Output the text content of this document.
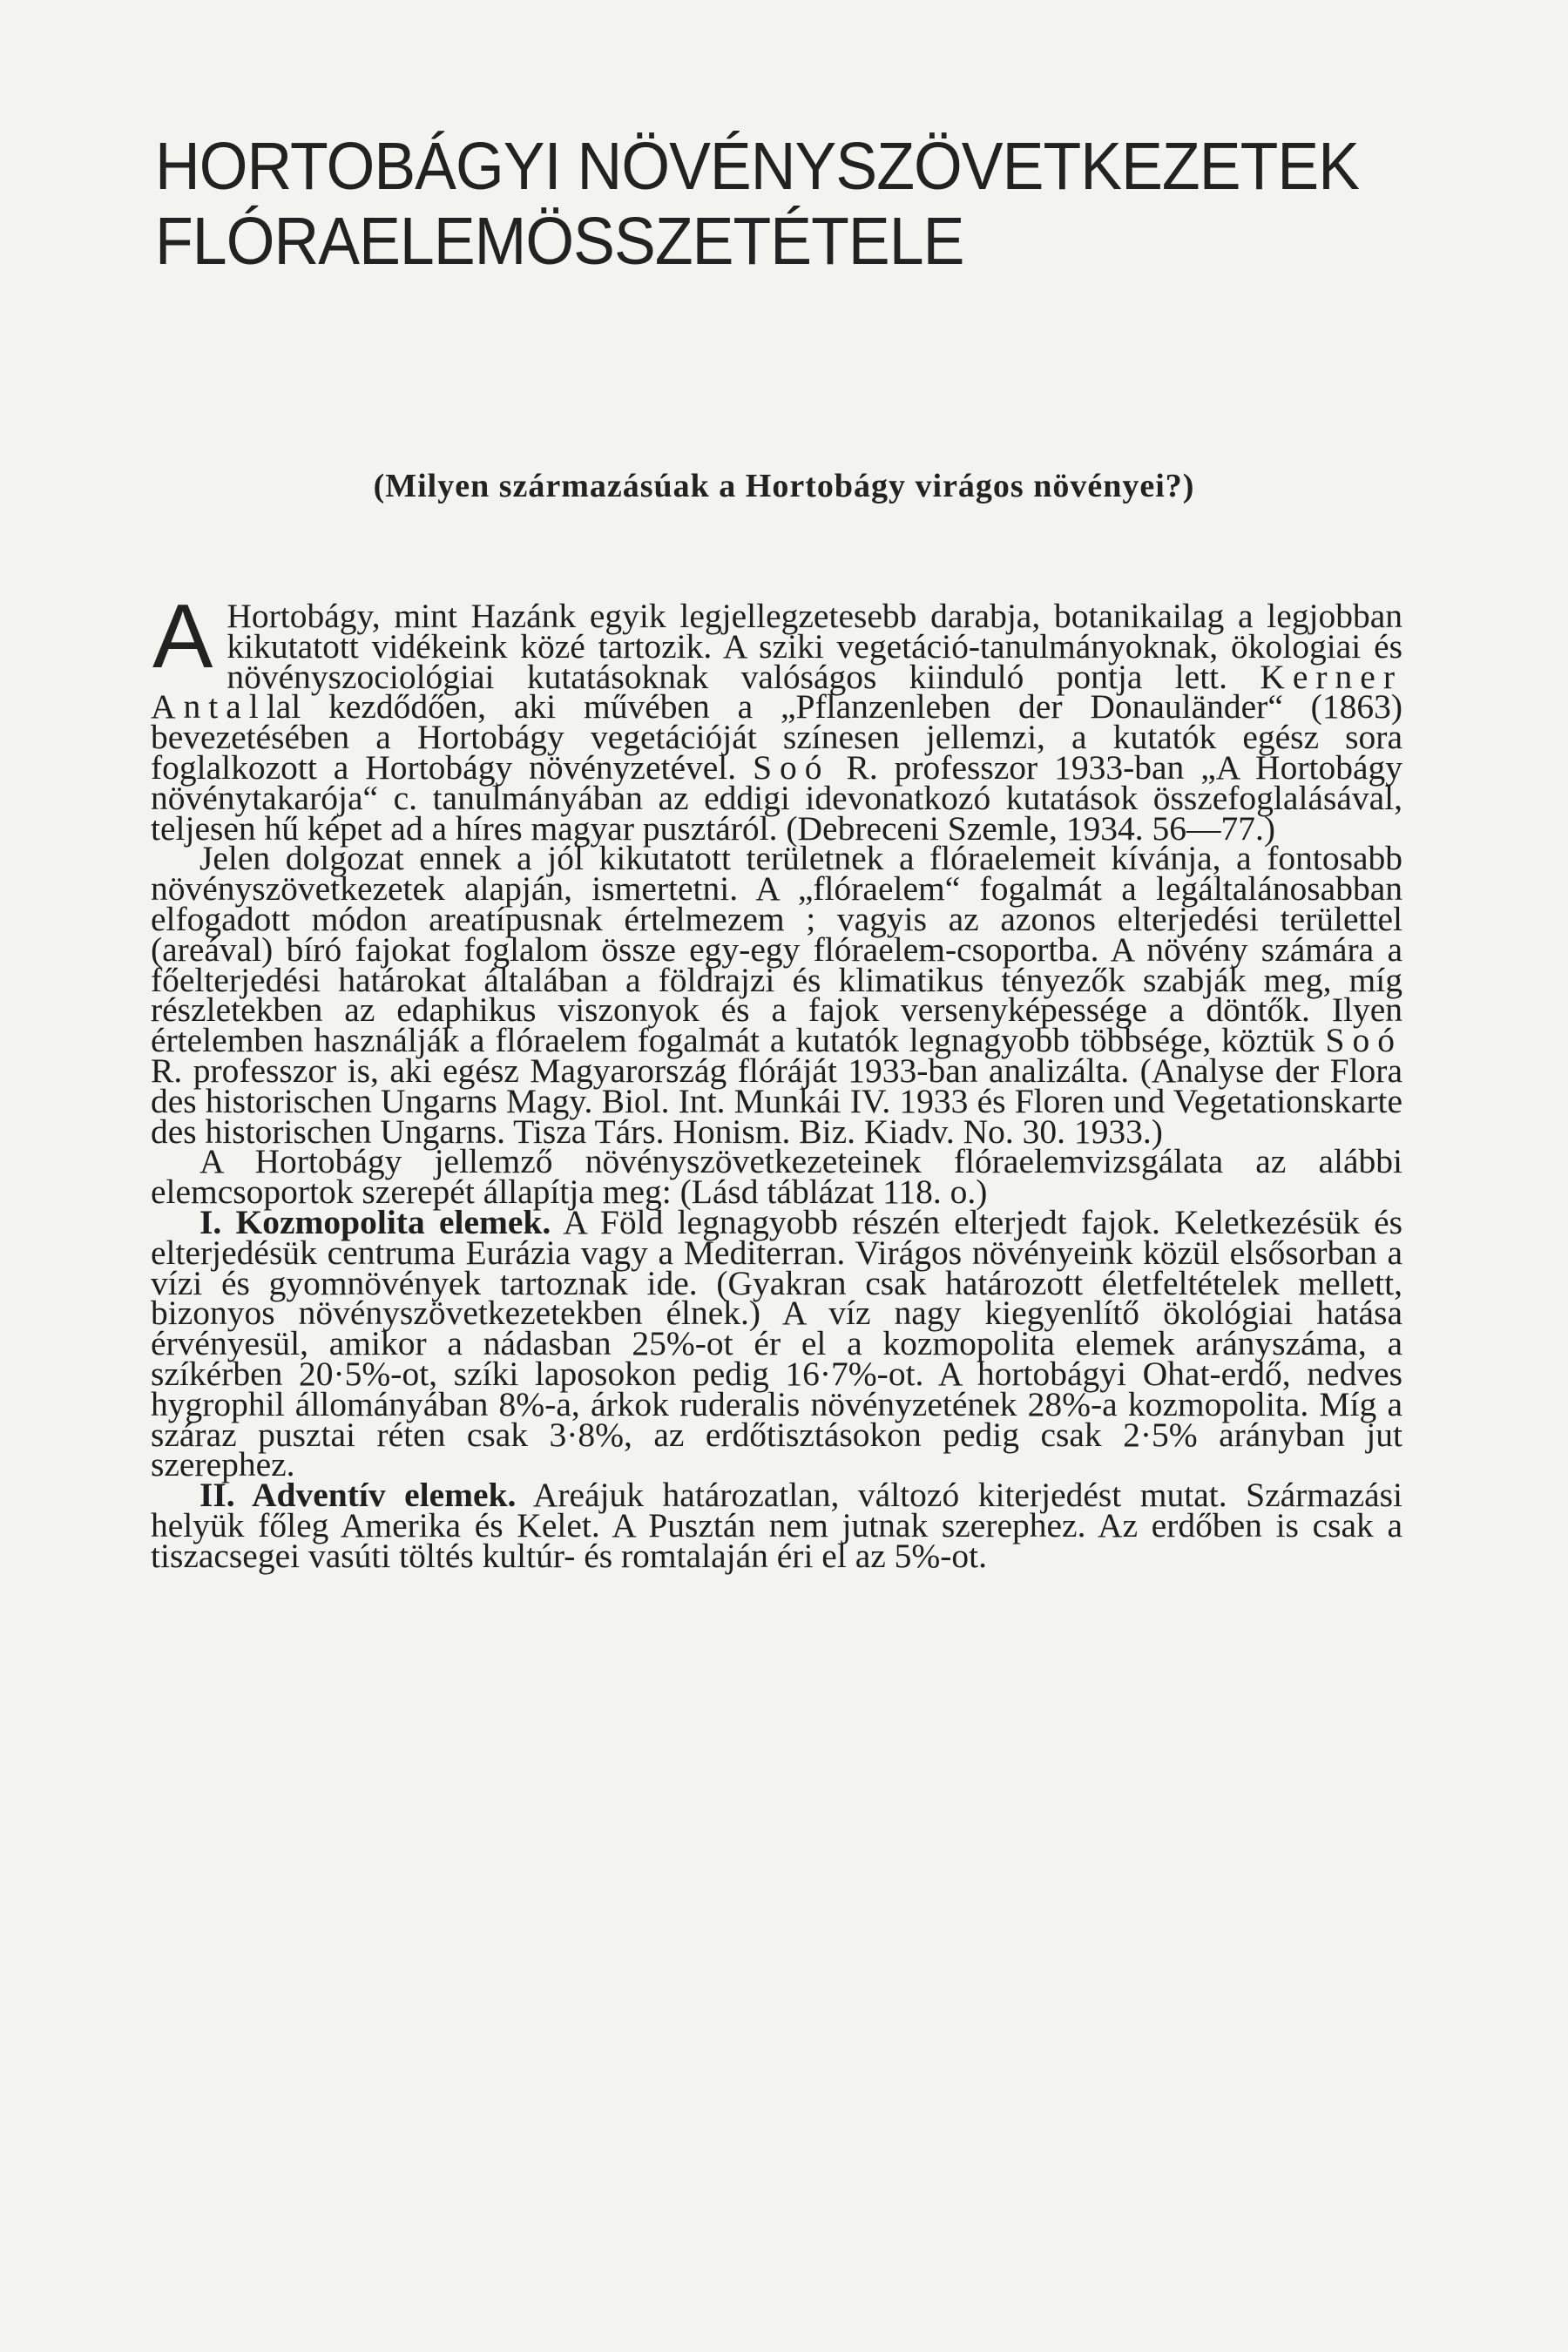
HORTOBÁGYI NÖVÉNYSZÖVETKEZETEK
FLÓRAELEMÖSSZETÉTELE
(Milyen származásúak a Hortobágy virágos növényei?)

A Hortobágy, mint Hazánk egyik legjellegzetesebb darabja, botanikailag a legjobban kikutatott vidékeink közé tartozik. A sziki vegetáció-tanulmányoknak, ökologiai és növényszociológiai kutatásoknak valóságos kiinduló pontja lett. Kerner Antallal kezdődően, aki művében a „Pflanzenleben der Donauländer“ (1863) bevezetésében a Hortobágy vegetációját színesen jellemzi, a kutatók egész sora foglalkozott a Hortobágy növényzetével. Soó R. professzor 1933-ban „A Hortobágy növénytakarója“ c. tanulmányában az eddigi idevonatkozó kutatások összefoglalásával, teljesen hű képet ad a híres magyar pusztáról. (Debreceni Szemle, 1934. 56—77.)

Jelen dolgozat ennek a jól kikutatott területnek a flóraelemeit kívánja, a fontosabb növényszövetkezetek alapján, ismertetni. A „flóraelem“ fogalmát a legáltalánosabban elfogadott módon areatípusnak értelmezem ; vagyis az azonos elterjedési területtel (areával) bíró fajokat foglalom össze egy-egy flóraelem-csoportba. A növény számára a főelterjedési határokat általában a földrajzi és klimatikus tényezők szabják meg, míg részletekben az edaphikus viszonyok és a fajok versenyképessége a döntők. Ilyen értelemben használják a flóraelem fogalmát a kutatók legnagyobb többsége, köztük Soó R. professzor is, aki egész Magyarország flóráját 1933-ban analizálta. (Analyse der Flora des historischen Ungarns Magy. Biol. Int. Munkái IV. 1933 és Floren und Vegetationskarte des historischen Ungarns. Tisza Társ. Honism. Biz. Kiadv. No. 30. 1933.)

A Hortobágy jellemző növényszövetkezeteinek flóraelemvizsgálata az alábbi elemcsoportok szerepét állapítja meg: (Lásd táblázat 118. o.)

I. Kozmopolita elemek. A Föld legnagyobb részén elterjedt fajok. Keletkezésük és elterjedésük centruma Eurázia vagy a Mediterran. Virágos növényeink közül elsősorban a vízi és gyomnövények tartoznak ide. (Gyakran csak határozott életfeltételek mellett, bizonyos növényszövetkezetekben élnek.) A víz nagy kiegyenlítő ökológiai hatása érvényesül, amikor a nádasban 25%-ot ér el a kozmopolita elemek arányszáma, a szíkérben 20·5%-ot, szíki laposokon pedig 16·7%-ot. A hortobágyi Ohat-erdő, nedves hygrophil állományában 8%-a, árkok ruderalis növényzetének 28%-a kozmopolita. Míg a száraz pusztai réten csak 3·8%, az erdőtisztásokon pedig csak 2·5% arányban jut szerephez.

II. Adventív elemek. Areájuk határozatlan, változó kiterjedést mutat. Származási helyük főleg Amerika és Kelet. A Pusztán nem jutnak szerephez. Az erdőben is csak a tiszacsegei vasúti töltés kultúr- és romtalaján éri el az 5%-ot.
